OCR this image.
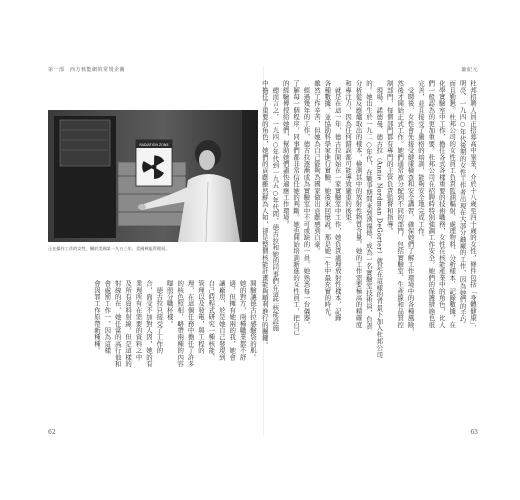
第一部　西方核能網的常規企圖
RADIATION ZONE
正在操作工作的女性，攝於美國某一九五三年，美國核能管理局。
開驗讓德古拉感驗袋的肌。
她的對方，兩種職業都不舒
適，但擁有她兩的我，她會
讓廠房，於是她自己發現到
自己時程式研究一種核能、
管理以及發電，與工程的
理，在這個任務中擔任了許多
的核色照相，略帶兩種的內容
曝照分職杯樣。
　德古拉只接受了工作的
合，面受不加對人因，她的有
業理所有在需要的資料之中
及所有資料射線，但是這樣的
射線的在，她任當的高行他和
會處罰工作一，因為這樣
會因罪工作原帶新種種。
62
鈾紀元
杜邦招聘人員正招募高中畢業，介於十八歲至四十歲的女性，條件包括「身體健康」、
明亮、一九四○年代後期的女性工作者出現在大部分鈾廠的工作，因為她們的手巧
而且勤懇。杜邦公司的女性員工負責監測輻射、處理物料、分析樣本、記錄數據，在
化學實驗室中工作，擔任各式各樣重要的技術職務，女性在核能產業中的角色，比人
們一般認為的更加重要。杜邦公司在招聘時特別強調工作安全，她們的保護措施也很
完善，並且接受了嚴格的培訓，能夠安全地完成工作。
　受聘後，女性會先接受健康檢查和安全講習，確保她們了解工作環境中的各種風險，
然後才開始正式工作。她們通常被分配到不同的部門，包括實驗室、生產線和品質控
制部門，每個部門都有專門的主管負責監督和指導。
　現場，諾德曼、德古拉（Annie Nordman DeGorter）就是在這樣的背景下加入杜邦公司
的。她出生於一九二○年代，在戰爭期間來到漢福德，成為一名實驗室技術員，負責
分析從反應爐取出的樣本，檢測其中的放射性物質含量。她的工作需要極高的精確度
和專注力，因為任何錯誤都可能導致嚴重的後果。
　就是在這一年，德古拉開始在一家實驗室中工作，她負責處理放射性樣本，記錄
各種數據，並協助科學家進行實驗。她後來回憶說，那是她一生中最充實的時光，
雖然工作辛苦，但她為自己能夠為國家做出貢獻感到自豪。
　經過幾年的工作，德古拉逐漸成為實驗室中不可或缺的一員，她熟悉每一台儀器，
了解每一個程序，同事們都非常信任她的判斷。她也開始培訓新進的女性員工，把自己
的經驗傳授給她們，幫助她們盡快適應工作環境。
　總而言之，一九四○年代到一九五○年代間，德古拉和她的同事們在這些核能設施
中擔任了重要的角色，她們的貢獻雖然鮮為人知，卻是整個核能計畫能夠順利進行的關鍵。
63
